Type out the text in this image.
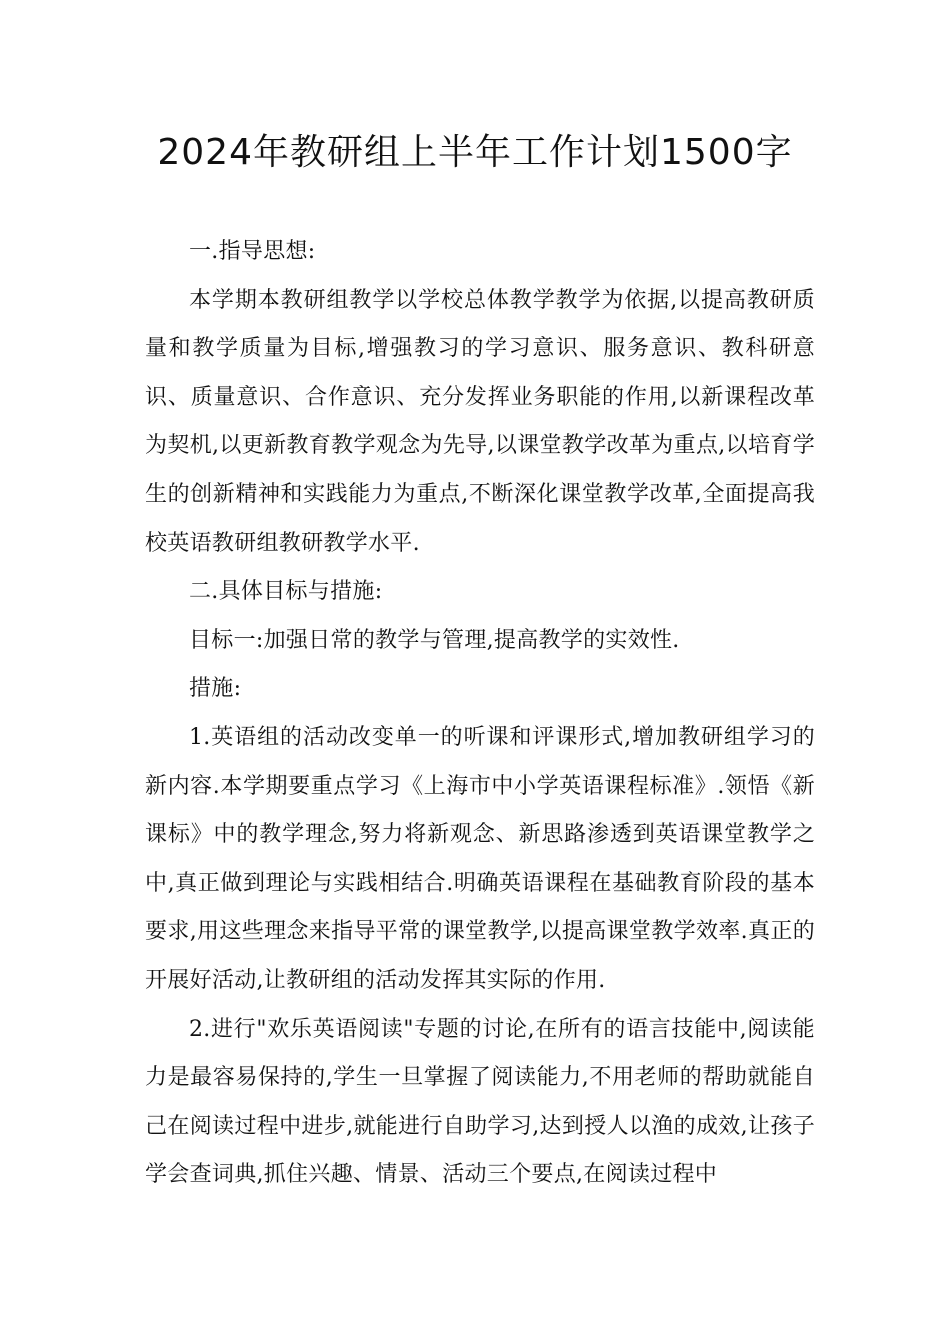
2024年教研组上半年工作计划1500字

一.指导思想:

本学期本教研组教学以学校总体教学教学为依据,以提高教研质量和教学质量为目标,增强教习的学习意识、服务意识、教科研意识、质量意识、合作意识、充分发挥业务职能的作用,以新课程改革为契机,以更新教育教学观念为先导,以课堂教学改革为重点,以培育学生的创新精神和实践能力为重点,不断深化课堂教学改革,全面提高我校英语教研组教研教学水平.

二.具体目标与措施:

目标一:加强日常的教学与管理,提高教学的实效性.

措施:

1.英语组的活动改变单一的听课和评课形式,增加教研组学习的新内容.本学期要重点学习《上海市中小学英语课程标准》.领悟《新课标》中的教学理念,努力将新观念、新思路渗透到英语课堂教学之中,真正做到理论与实践相结合.明确英语课程在基础教育阶段的基本要求,用这些理念来指导平常的课堂教学,以提高课堂教学效率.真正的开展好活动,让教研组的活动发挥其实际的作用.

2.进行"欢乐英语阅读"专题的讨论,在所有的语言技能中,阅读能力是最容易保持的,学生一旦掌握了阅读能力,不用老师的帮助就能自己在阅读过程中进步,就能进行自助学习,达到授人以渔的成效,让孩子学会查词典,抓住兴趣、情景、活动三个要点,在阅读过程中
